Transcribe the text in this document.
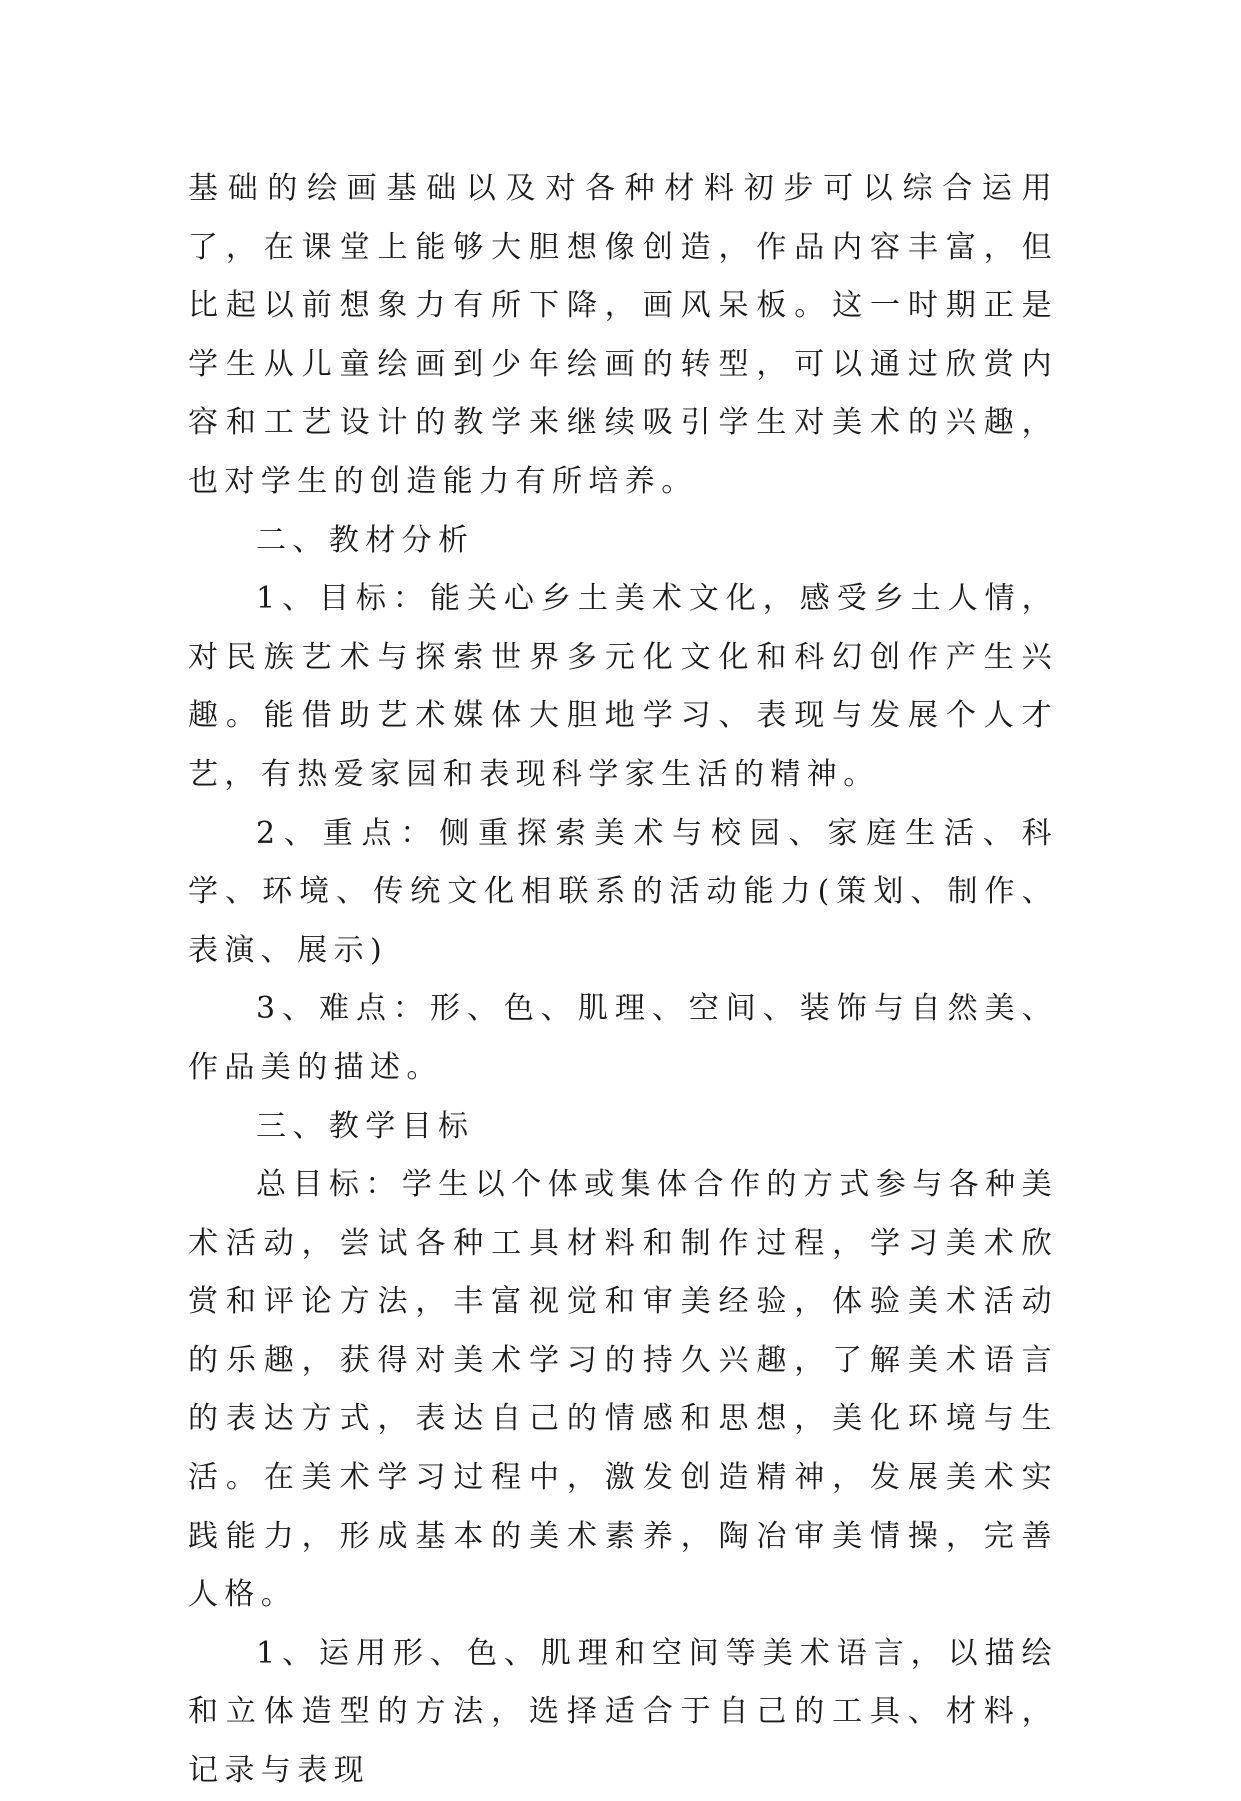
基础的绘画基础以及对各种材料初步可以综合运用了，在课堂上能够大胆想像创造，作品内容丰富，但比起以前想象力有所下降，画风呆板。这一时期正是学生从儿童绘画到少年绘画的转型，可以通过欣赏内容和工艺设计的教学来继续吸引学生对美术的兴趣，也对学生的创造能力有所培养。

二、教材分析

1、目标：能关心乡土美术文化，感受乡土人情，对民族艺术与探索世界多元化文化和科幻创作产生兴趣。能借助艺术媒体大胆地学习、表现与发展个人才艺，有热爱家园和表现科学家生活的精神。

2、重点：侧重探索美术与校园、家庭生活、科学、环境、传统文化相联系的活动能力(策划、制作、表演、展示)

3、难点：形、色、肌理、空间、装饰与自然美、作品美的描述。

三、教学目标

总目标：学生以个体或集体合作的方式参与各种美术活动，尝试各种工具材料和制作过程，学习美术欣赏和评论方法，丰富视觉和审美经验，体验美术活动的乐趣，获得对美术学习的持久兴趣，了解美术语言的表达方式，表达自己的情感和思想，美化环境与生活。在美术学习过程中，激发创造精神，发展美术实践能力，形成基本的美术素养，陶冶审美情操，完善人格。

1、运用形、色、肌理和空间等美术语言，以描绘和立体造型的方法，选择适合于自己的工具、材料，记录与表现
